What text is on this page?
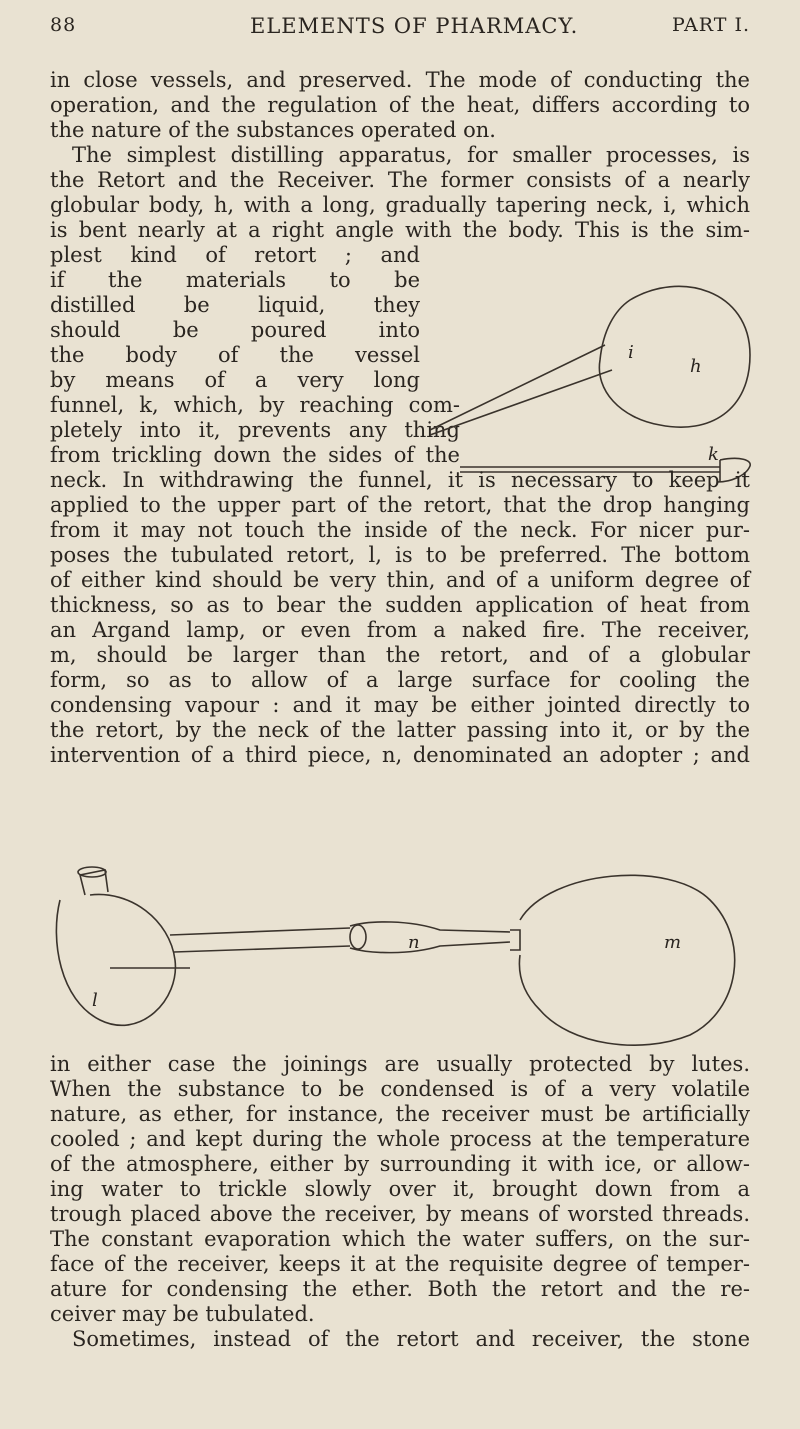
88	ELEMENTS OF PHARMACY.	PART I.
in close vessels, and preserved. The mode of conducting the
operation, and the regulation of the heat, differs according to
the nature of the substances operated on.
The simplest distilling apparatus, for smaller processes, is
the Retort and the Receiver. The former consists of a nearly
globular body, h, with a long, gradually tapering neck, i, which
is bent nearly at a right angle with the body. This is the sim-
plest kind of retort ; and
if the materials to be
distilled be liquid, they
should be poured into
the body of the vessel
by means of a very long
funnel, k, which, by reaching com-
pletely into it, prevents any thing
from trickling down the sides of the
i
h
k
neck. In withdrawing the funnel, it is necessary to keep it
applied to the upper part of the retort, that the drop hanging
from it may not touch the inside of the neck. For nicer pur-
poses the tubulated retort, l, is to be preferred. The bottom
of either kind should be very thin, and of a uniform degree of
thickness, so as to bear the sudden application of heat from
an Argand lamp, or even from a naked fire. The receiver,
m, should be larger than the retort, and of a globular
form, so as to allow of a large surface for cooling the
condensing vapour : and it may be either jointed directly to
the retort, by the neck of the latter passing into it, or by the
intervention of a third piece, n, denominated an adopter ; and
l
n	m
in either case the joinings are usually protected by lutes.
When the substance to be condensed is of a very volatile
nature, as ether, for instance, the receiver must be artificially
cooled ; and kept during the whole process at the temperature
of the atmosphere, either by surrounding it with ice, or allow-
ing water to trickle slowly over it, brought down from a
trough placed above the receiver, by means of worsted threads.
The constant evaporation which the water suffers, on the sur-
face of the receiver, keeps it at the requisite degree of temper-
ature for condensing the ether. Both the retort and the re-
ceiver may be tubulated.
Sometimes, instead of the retort and receiver, the stone
